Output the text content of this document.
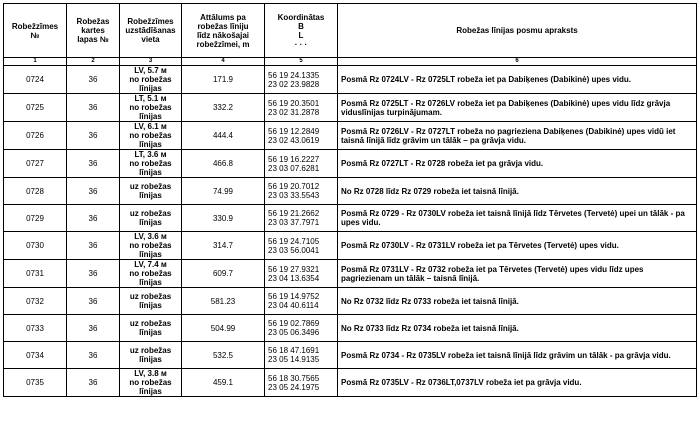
Robežzīmes
№	Robežas
kartes
lapas №	Robežzīmes
uzstādīšanas
vieta	Attālums pa
robežas līniju
līdz nākošajai
robežzīmei, m	Koordinātas
B
L
· · ·	Robežas līnijas posmu apraksts

1	2	3	4	5	6
0724	36	LV, 5.7 м
no robežas
līnijas	171.9	56 19 24.1335
23 02 23.9828	Posmā Rz 0724LV - Rz 0725LT robeža iet pa Dabiķenes (Dabikinė) upes vidu.

0725	36	LT, 5.1 м
no robežas
līnijas	332.2	56 19 20.3501
23 02 31.2878	Posmā Rz 0725LT - Rz 0726LV robeža iet pa Dabiķenes (Dabikinė) upes vidu līdz grāvja viduslīnijas turpinājumam.

0726	36	LV, 6.1 м
no robežas
līnijas	444.4	56 19 12.2849
23 02 43.0619	Posmā Rz 0726LV - Rz 0727LT robeža no pagrieziena Dabiķenes (Dabikinė) upes vidū iet taisnā līnijā līdz grāvim un tālāk – pa grāvja vidu.

0727	36	LT, 3.6 м
no robežas
līnijas	466.8	56 19 16.2227
23 03 07.6281	Posmā Rz 0727LT - Rz 0728 robeža iet pa grāvja vidu.

0728	36	uz robežas
līnijas	74.99	56 19 20.7012
23 03 33.5543	No Rz 0728 līdz Rz 0729 robeža iet taisnā līnijā.

0729	36	uz robežas
līnijas	330.9	56 19 21.2662
23 03 37.7971	Posmā Rz 0729 - Rz 0730LV robeža iet taisnā līnijā līdz Tērvetes (Tervetė) upei un tālāk - pa upes vidu.

0730	36	LV, 3.6 м
no robežas
līnijas	314.7	56 19 24.7105
23 03 56.0041	Posmā Rz 0730LV - Rz 0731LV robeža iet pa Tērvetes (Tervetė) upes vidu.

0731	36	LV, 7.4 м
no robežas
līnijas	609.7	56 19 27.9321
23 04 13.6354	Posmā Rz 0731LV - Rz 0732 robeža iet pa Tērvetes (Tervetė) upes vidu līdz upes pagriezienam un tālāk – taisnā līnijā.

0732	36	uz robežas
līnijas	581.23	56 19 14.9752
23 04 40.6114	No Rz 0732 līdz Rz 0733 robeža iet taisnā līnijā.

0733	36	uz robežas
līnijas	504.99	56 19 02.7869
23 05 06.3496	No Rz 0733 līdz Rz 0734 robeža iet taisnā līnijā.

0734	36	uz robežas
līnijas	532.5	56 18 47.1691
23 05 14.9135	Posmā Rz 0734 - Rz 0735LV robeža iet taisnā līnijā līdz grāvim un tālāk - pa grāvja vidu.

0735	36	LV, 3.8 м
no robežas
līnijas	459.1	56 18 30.7565
23 05 24.1975	Posmā Rz 0735LV - Rz 0736LT,0737LV robeža iet pa grāvja vidu.
